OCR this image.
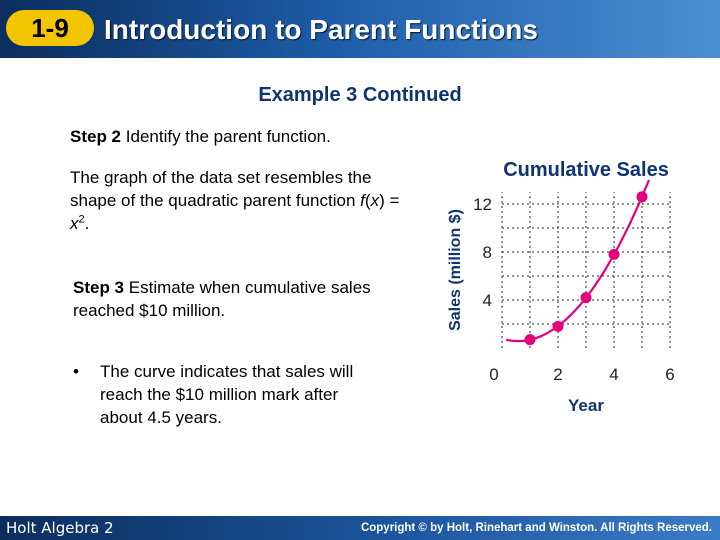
1-9	Introduction to Parent Functions
Example 3 Continued
Step 2 Identify the parent function.
The graph of the data set resembles the shape of the quadratic parent function $f(x) = x^2$.
Step 3 Estimate when cumulative sales reached $10 million.
•	The curve indicates that sales will reach the $10 million mark after about 4.5 years.
Cumulative Sales
Sales (million $)
Year
0	2	4	6
4
8
12
Holt Algebra 2	Copyright © by Holt, Rinehart and Winston. All Rights Reserved.
